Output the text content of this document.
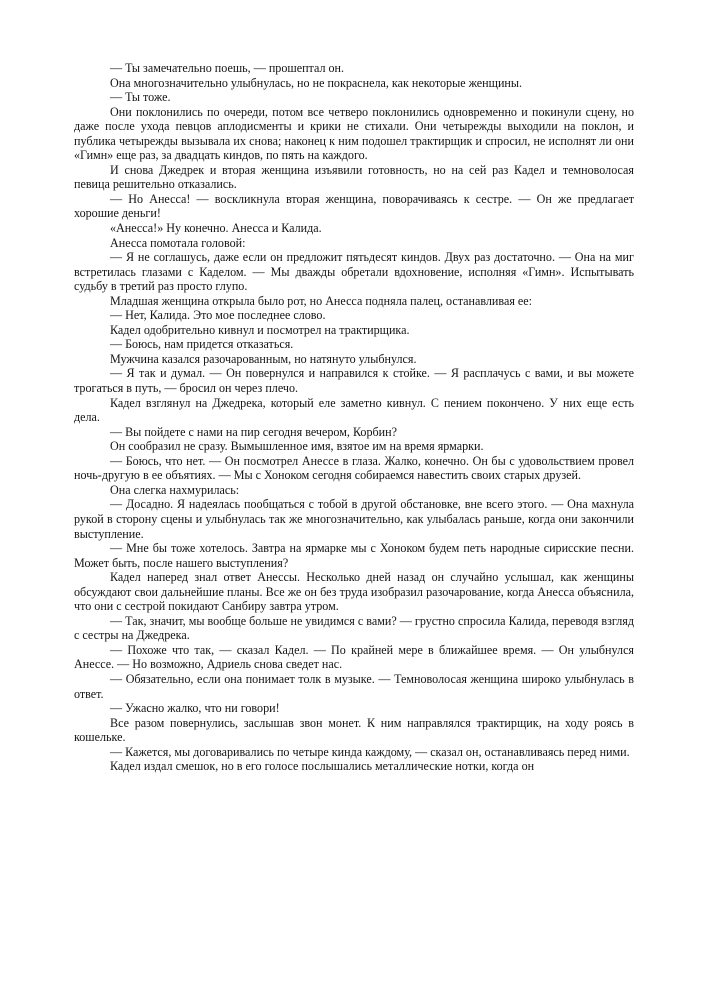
— Ты замечательно поешь, — прошептал он.

Она многозначительно улыбнулась, но не покраснела, как некоторые женщины.

— Ты тоже.

Они поклонились по очереди, потом все четверо поклонились одновременно и покинули сцену, но даже после ухода певцов аплодисменты и крики не стихали. Они четырежды выходили на поклон, и публика четырежды вызывала их снова; наконец к ним подошел трактирщик и спросил, не исполнят ли они «Гимн» еще раз, за двадцать киндов, по пять на каждого.

И снова Джедрек и вторая женщина изъявили готовность, но на сей раз Кадел и темноволосая певица решительно отказались.

— Но Анесса! — воскликнула вторая женщина, поворачиваясь к сестре. — Он же предлагает хорошие деньги!

«Анесса!» Ну конечно. Анесса и Калида.

Анесса помотала головой:

— Я не соглашусь, даже если он предложит пятьдесят киндов. Двух раз достаточно. — Она на миг встретилась глазами с Каделом. — Мы дважды обретали вдохновение, исполняя «Гимн». Испытывать судьбу в третий раз просто глупо.

Младшая женщина открыла было рот, но Анесса подняла палец, останавливая ее:

— Нет, Калида. Это мое последнее слово.

Кадел одобрительно кивнул и посмотрел на трактирщика.

— Боюсь, нам придется отказаться.

Мужчина казался разочарованным, но натянуто улыбнулся.

— Я так и думал. — Он повернулся и направился к стойке. — Я расплачусь с вами, и вы можете трогаться в путь, — бросил он через плечо.

Кадел взглянул на Джедрека, который еле заметно кивнул. С пением покончено. У них еще есть дела.

— Вы пойдете с нами на пир сегодня вечером, Корбин?

Он сообразил не сразу. Вымышленное имя, взятое им на время ярмарки.

— Боюсь, что нет. — Он посмотрел Анессе в глаза. Жалко, конечно. Он бы с удовольствием провел ночь-другую в ее объятиях. — Мы с Хоноком сегодня собираемся навестить своих старых друзей.

Она слегка нахмурилась:

— Досадно. Я надеялась пообщаться с тобой в другой обстановке, вне всего этого. — Она махнула рукой в сторону сцены и улыбнулась так же многозначительно, как улыбалась раньше, когда они закончили выступление.

— Мне бы тоже хотелось. Завтра на ярмарке мы с Хоноком будем петь народные сирисские песни. Может быть, после нашего выступления?

Кадел наперед знал ответ Анессы. Несколько дней назад он случайно услышал, как женщины обсуждают свои дальнейшие планы. Все же он без труда изобразил разочарование, когда Анесса объяснила, что они с сестрой покидают Санбиру завтра утром.

— Так, значит, мы вообще больше не увидимся с вами? — грустно спросила Калида, переводя взгляд с сестры на Джедрека.

— Похоже что так, — сказал Кадел. — По крайней мере в ближайшее время. — Он улыбнулся Анессе. — Но возможно, Адриель снова сведет нас.

— Обязательно, если она понимает толк в музыке. — Темноволосая женщина широко улыбнулась в ответ.

— Ужасно жалко, что ни говори!

Все разом повернулись, заслышав звон монет. К ним направлялся трактирщик, на ходу роясь в кошельке.

— Кажется, мы договаривались по четыре кинда каждому, — сказал он, останавливаясь перед ними.

Кадел издал смешок, но в его голосе послышались металлические нотки, когда он
